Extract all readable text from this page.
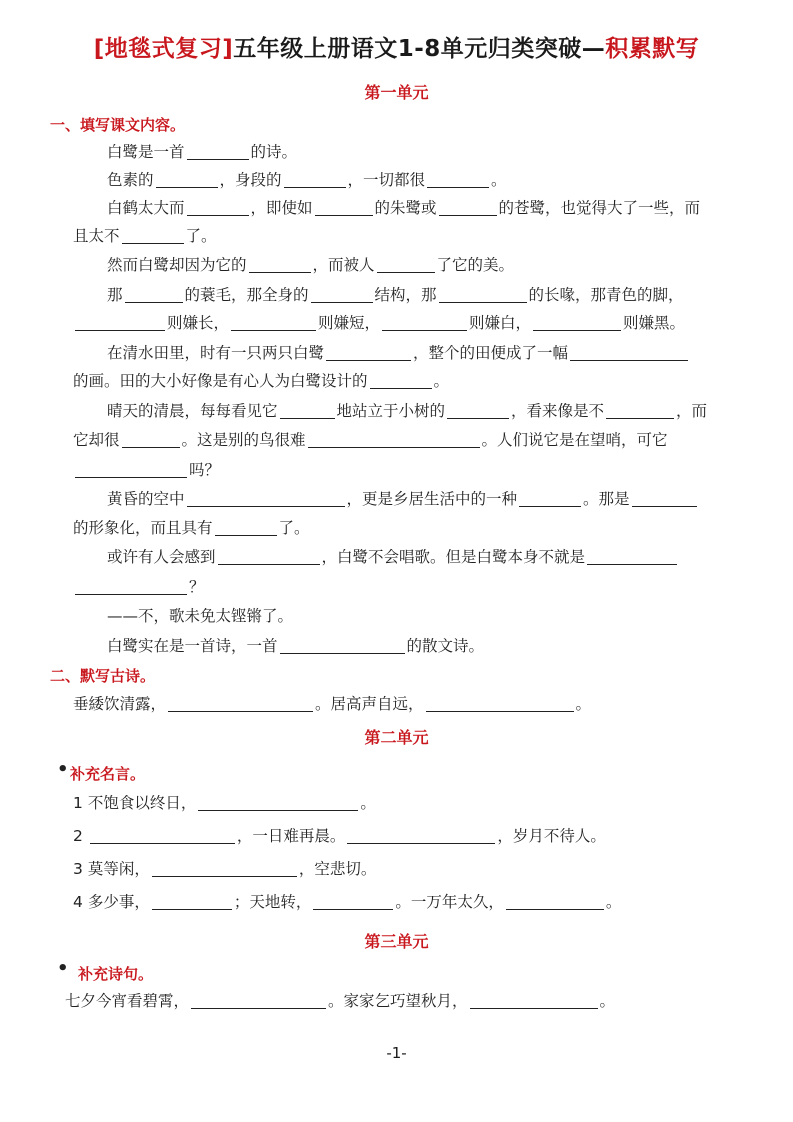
[地毯式复习]五年级上册语文1-8单元归类突破—积累默写
第一单元
一、填写课文内容。
白鹭是一首	的诗。
色素的	，身段的	，一切都很	。
白鹤太大而	，即使如	的朱鹭或	的苍鹭，也觉得大了一些，而
且太不	了。
然而白鹭却因为它的	，而被人	了它的美。
那	的蓑毛，那全身的	结构，那	的长喙，那青色的脚，
则嫌长，	则嫌短，	则嫌白，	则嫌黑。
在清水田里，时有一只两只白鹭	，整个的田便成了一幅
的画。田的大小好像是有心人为白鹭设计的	。
晴天的清晨，每每看见它	地站立于小树的	，看来像是不	，而
它却很	。这是别的鸟很难	。人们说它是在望哨，可它
吗？
黄昏的空中	，更是乡居生活中的一种	。那是
的形象化，而且具有	了。
或许有人会感到	，白鹭不会唱歌。但是白鹭本身不就是
？
——不，歌未免太铿锵了。
白鹭实在是一首诗，一首	的散文诗。
二、默写古诗。
垂緌饮清露，	。居高声自远，	。
第二单元
• 补充名言。
1 不饱食以终日，	。
2	，一日难再晨。	，岁月不待人。
3 莫等闲，	，空悲切。
4 多少事，	；天地转，	。一万年太久，	。
第三单元
• 补充诗句。
七夕今宵看碧霄，	。家家乞巧望秋月，	。
-1-
